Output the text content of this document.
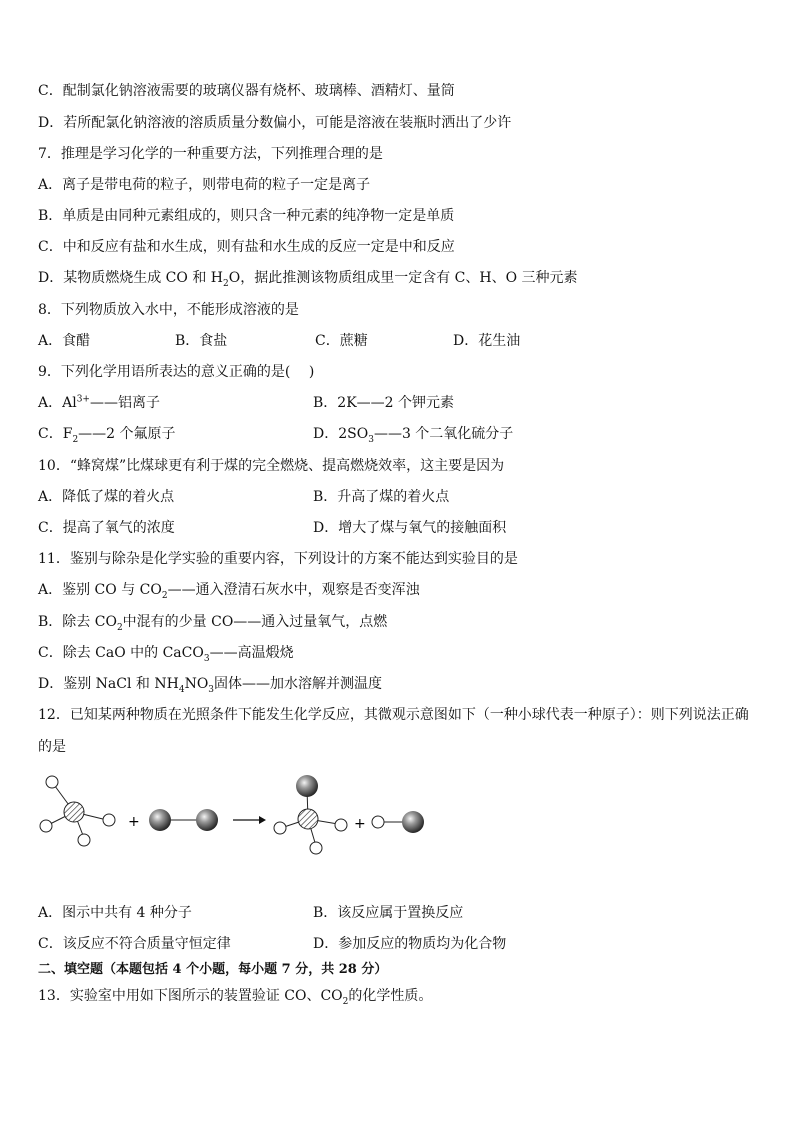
C．配制氯化钠溶液需要的玻璃仪器有烧杯、玻璃棒、酒精灯、量筒
D．若所配氯化钠溶液的溶质质量分数偏小，可能是溶液在装瓶时洒出了少许
7．推理是学习化学的一种重要方法，下列推理合理的是
A．离子是带电荷的粒子，则带电荷的粒子一定是离子
B．单质是由同种元素组成的，则只含一种元素的纯净物一定是单质
C．中和反应有盐和水生成，则有盐和水生成的反应一定是中和反应
D．某物质燃烧生成 CO 和 $H_2O$，据此推测该物质组成里一定含有 C、H、O 三种元素
8．下列物质放入水中，不能形成溶液的是
A．食醋	B．食盐	C．蔗糖	D．花生油
9．下列化学用语所表达的意义正确的是(　 )
A．$Al^{3+}——$铝离子	B．2K——2 个钾元素
C．$F_2——2$ 个氟原子	D．$2SO_3——3$ 个二氧化硫分子
10．“蜂窝煤”比煤球更有利于煤的完全燃烧、提高燃烧效率，这主要是因为
A．降低了煤的着火点	B．升高了煤的着火点
C．提高了氧气的浓度	D．增大了煤与氧气的接触面积
11．鉴别与除杂是化学实验的重要内容，下列设计的方案不能达到实验目的是
A．鉴别 CO 与 $CO_2——$通入澄清石灰水中，观察是否变浑浊
B．除去 $CO_2$中混有的少量 CO——通入过量氧气，点燃
C．除去 CaO 中的 CaCO$_3$——高温煅烧
D．鉴别 NaCl 和 $NH_4NO_3$固体——加水溶解并测温度
12．已知某两种物质在光照条件下能发生化学反应，其微观示意图如下（一种小球代表一种原子）：则下列说法正确
的是
+	+
A．图示中共有 4 种分子	B．该反应属于置换反应
C．该反应不符合质量守恒定律	D．参加反应的物质均为化合物
二、填空题（本题包括 4 个小题，每小题 7 分，共 28 分）
13．实验室中用如下图所示的装置验证 CO、$CO_2$的化学性质。
